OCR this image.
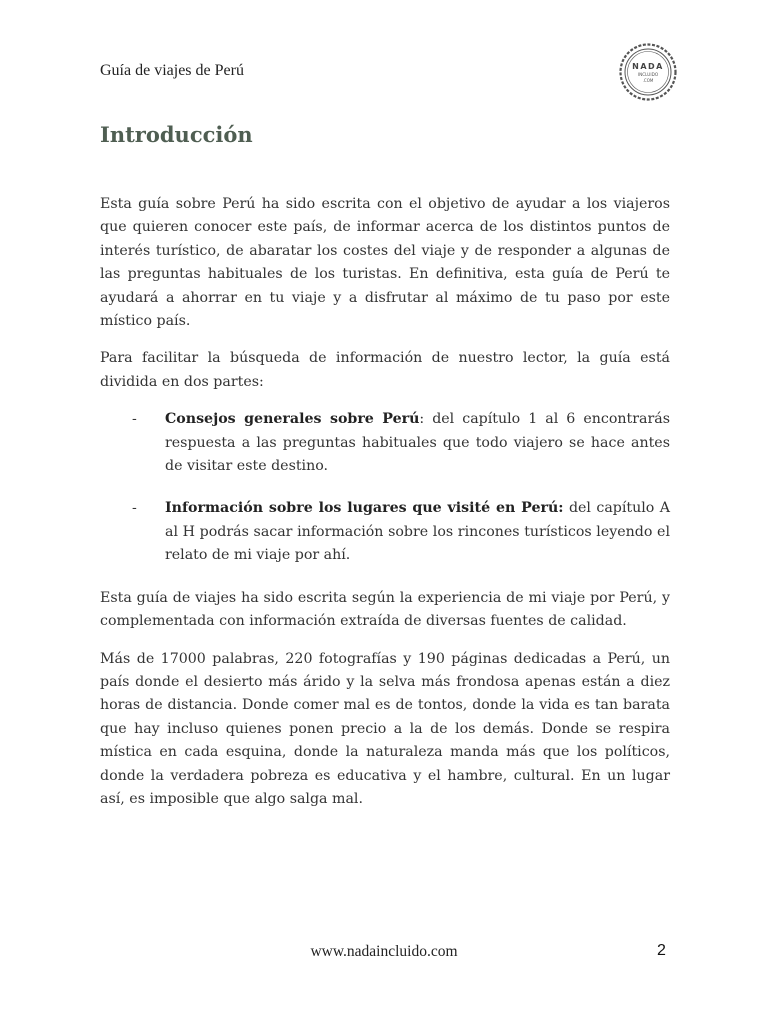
Guía de viajes de Perú	NADA
INCLUIDO
.COM
Introducción

Esta guía sobre Perú ha sido escrita con el objetivo de ayudar a los viajeros que quieren conocer este país, de informar acerca de los distintos puntos de interés turístico, de abaratar los costes del viaje y de responder a algunas de las preguntas habituales de los turistas. En definitiva, esta guía de Perú te ayudará a ahorrar en tu viaje y a disfrutar al máximo de tu paso por este místico país.

Para facilitar la búsqueda de información de nuestro lector, la guía está dividida en dos partes:

- Consejos generales sobre Perú: del capítulo 1 al 6 encontrarás respuesta a las preguntas habituales que todo viajero se hace antes de visitar este destino.
- Información sobre los lugares que visité en Perú: del capítulo A al H podrás sacar información sobre los rincones turísticos leyendo el relato de mi viaje por ahí.

Esta guía de viajes ha sido escrita según la experiencia de mi viaje por Perú, y complementada con información extraída de diversas fuentes de calidad.

Más de 17000 palabras, 220 fotografías y 190 páginas dedicadas a Perú, un país donde el desierto más árido y la selva más frondosa apenas están a diez horas de distancia. Donde comer mal es de tontos, donde la vida es tan barata que hay incluso quienes ponen precio a la de los demás. Donde se respira mística en cada esquina, donde la naturaleza manda más que los políticos, donde la verdadera pobreza es educativa y el hambre, cultural. En un lugar así, es imposible que algo salga mal.

www.nadaincluido.com	2
